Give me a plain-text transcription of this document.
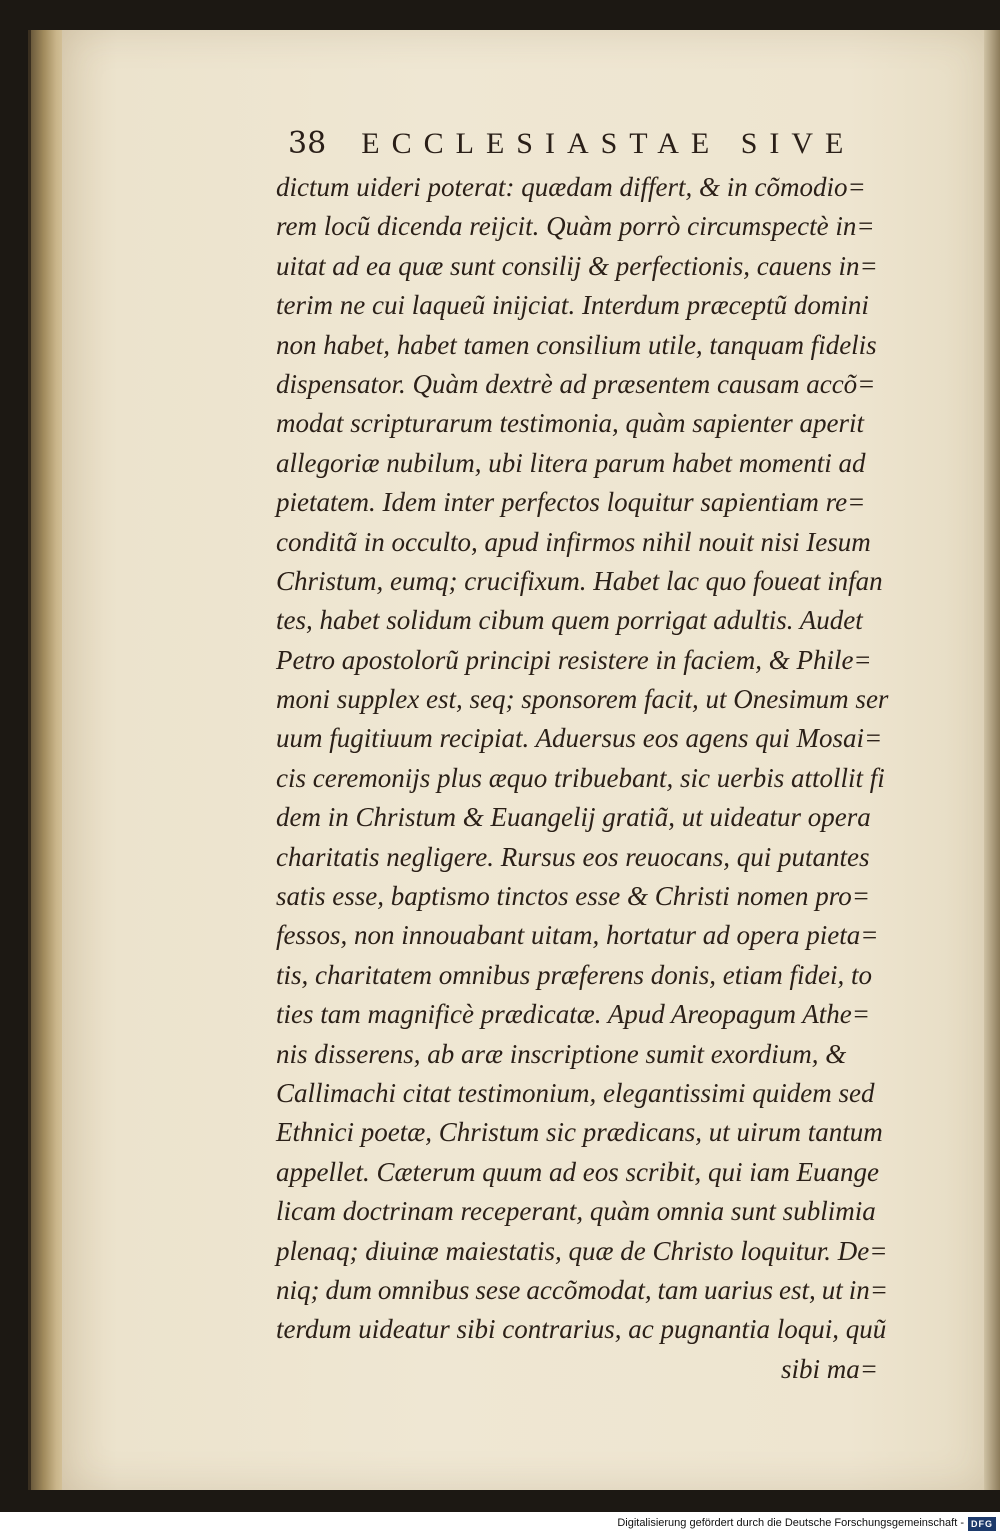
38 ECCLESIASTAE SIVE
dictum uideri poterat: quædam differt, & in cõmodio=
rem locũ dicenda reijcit. Quàm porrò circumspectè in=
uitat ad ea quæ sunt consilij & perfectionis, cauens in=
terim ne cui laqueũ inijciat. Interdum præceptũ domini
non habet, habet tamen consilium utile, tanquam fidelis
dispensator. Quàm dextrè ad præsentem causam accõ=
modat scripturarum testimonia, quàm sapienter aperit
allegoriæ nubilum, ubi litera parum habet momenti ad
pietatem. Idem inter perfectos loquitur sapientiam re=
conditã in occulto, apud infirmos nihil nouit nisi Iesum
Christum, eumq; crucifixum. Habet lac quo foueat infan
tes, habet solidum cibum quem porrigat adultis. Audet
Petro apostolorũ principi resistere in faciem, & Phile=
moni supplex est, seq; sponsorem facit, ut Onesimum ser
uum fugitiuum recipiat. Aduersus eos agens qui Mosai=
cis ceremonijs plus æquo tribuebant, sic uerbis attollit fi
dem in Christum & Euangelij gratiã, ut uideatur opera
charitatis negligere. Rursus eos reuocans, qui putantes
satis esse, baptismo tinctos esse & Christi nomen pro=
fessos, non innouabant uitam, hortatur ad opera pieta=
tis, charitatem omnibus præferens donis, etiam fidei, to
ties tam magnificè prædicatæ. Apud Areopagum Athe=
nis disserens, ab aræ inscriptione sumit exordium, &
Callimachi citat testimonium, elegantissimi quidem sed
Ethnici poetæ, Christum sic prædicans, ut uirum tantum
appellet. Cæterum quum ad eos scribit, qui iam Euange
licam doctrinam receperant, quàm omnia sunt sublimia
plenaq; diuinæ maiestatis, quæ de Christo loquitur. De=
niq; dum omnibus sese accõmodat, tam uarius est, ut in=
terdum uideatur sibi contrarius, ac pugnantia loqui, quũ
sibi ma=
Digitalisierung gefördert durch die Deutsche Forschungsgemeinschaft - DFG
